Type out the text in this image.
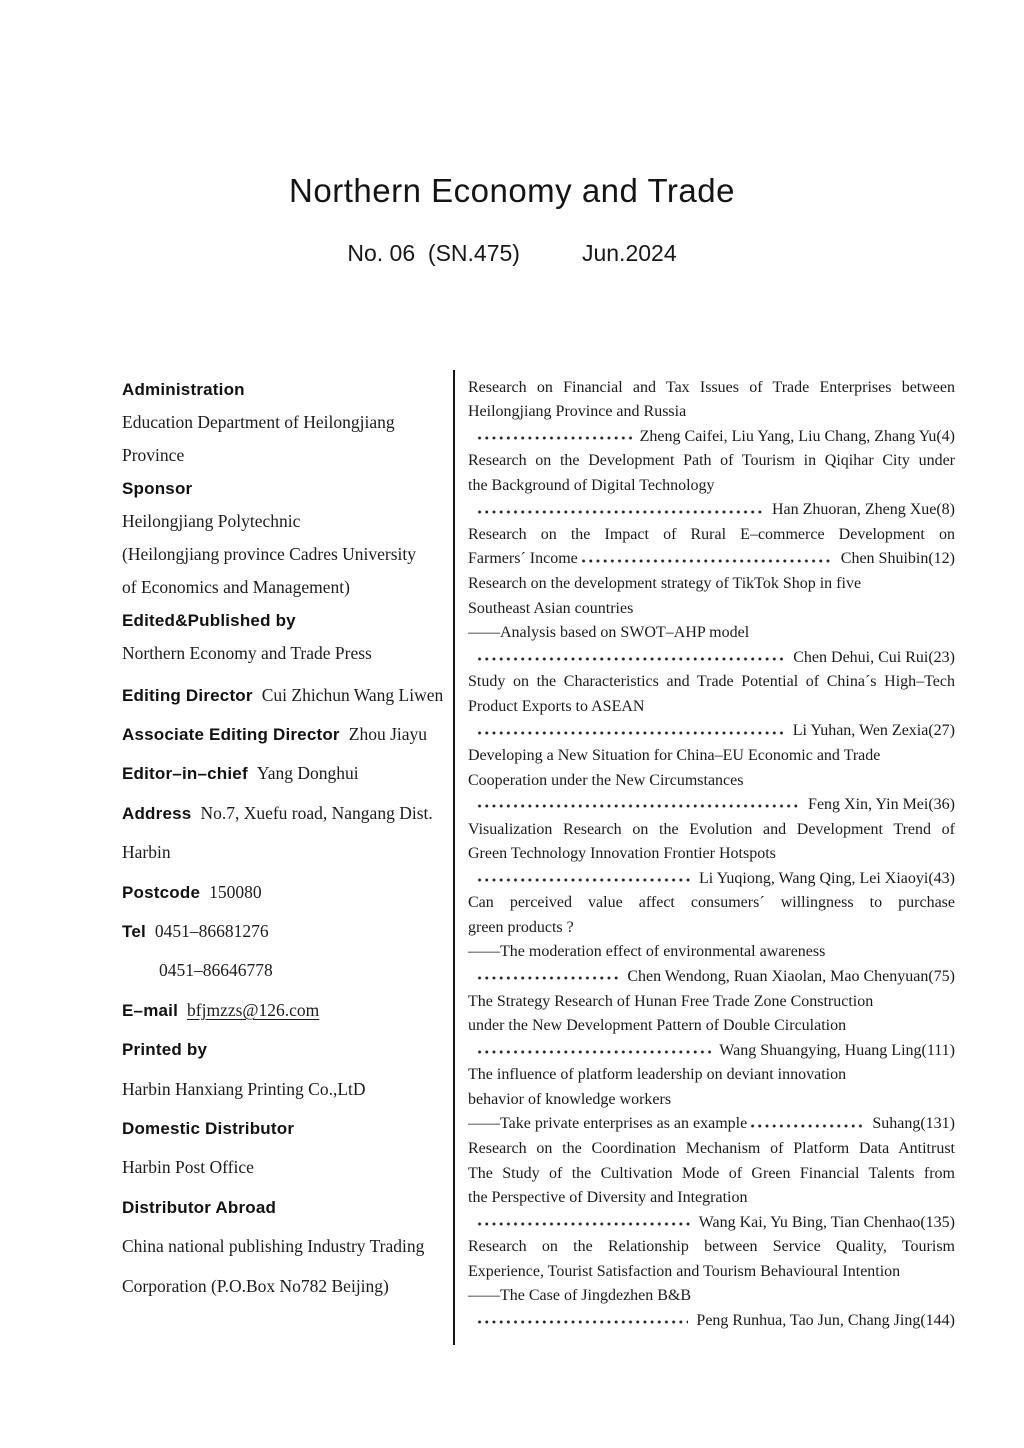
Northern Economy and Trade
No. 06  (SN.475)	Jun.2024
Administration
Education Department of Heilongjiang
Province
Sponsor
Heilongjiang Polytechnic
(Heilongjiang province Cadres University
of Economics and Management)
Edited&Published by
Northern Economy and Trade Press
Editing Director Cui Zhichun Wang Liwen
Associate Editing Director Zhou Jiayu
Editor–in–chief Yang Donghui
Address No.7, Xuefu road, Nangang Dist.
Harbin
Postcode 150080
Tel 0451–86681276
0451–86646778
E–mail bfjmzzs@126.com
Printed by
Harbin Hanxiang Printing Co.,LtD
Domestic Distributor
Harbin Post Office
Distributor Abroad
China national publishing Industry Trading
Corporation (P.O.Box No782 Beijing)
Research on Financial and Tax Issues of Trade Enterprises between
Heilongjiang Province and Russia
Zheng Caifei, Liu Yang, Liu Chang, Zhang Yu(4)
Research on the Development Path of Tourism in Qiqihar City under
the Background of Digital Technology
Han Zhuoran, Zheng Xue(8)
Research on the Impact of Rural E–commerce Development on
Farmers´ Income	Chen Shuibin(12)
Research on the development strategy of TikTok Shop in five
Southeast Asian countries
——Analysis based on SWOT–AHP model
Chen Dehui, Cui Rui(23)
Study on the Characteristics and Trade Potential of China´s High–Tech
Product Exports to ASEAN
Li Yuhan, Wen Zexia(27)
Developing a New Situation for China–EU Economic and Trade
Cooperation under the New Circumstances
Feng Xin, Yin Mei(36)
Visualization Research on the Evolution and Development Trend of
Green Technology Innovation Frontier Hotspots
Li Yuqiong, Wang Qing, Lei Xiaoyi(43)
Can perceived value affect consumers´ willingness to purchase
green products ?
——The moderation effect of environmental awareness
Chen Wendong, Ruan Xiaolan, Mao Chenyuan(75)
The Strategy Research of Hunan Free Trade Zone Construction
under the New Development Pattern of Double Circulation
Wang Shuangying, Huang Ling(111)
The influence of platform leadership on deviant innovation
behavior of knowledge workers
——Take private enterprises as an example	Suhang(131)
Research on the Coordination Mechanism of Platform Data Antitrust
The Study of the Cultivation Mode of Green Financial Talents from
the Perspective of Diversity and Integration
Wang Kai, Yu Bing, Tian Chenhao(135)
Research on the Relationship between Service Quality, Tourism
Experience, Tourist Satisfaction and Tourism Behavioural Intention
——The Case of Jingdezhen B&B
Peng Runhua, Tao Jun, Chang Jing(144)
